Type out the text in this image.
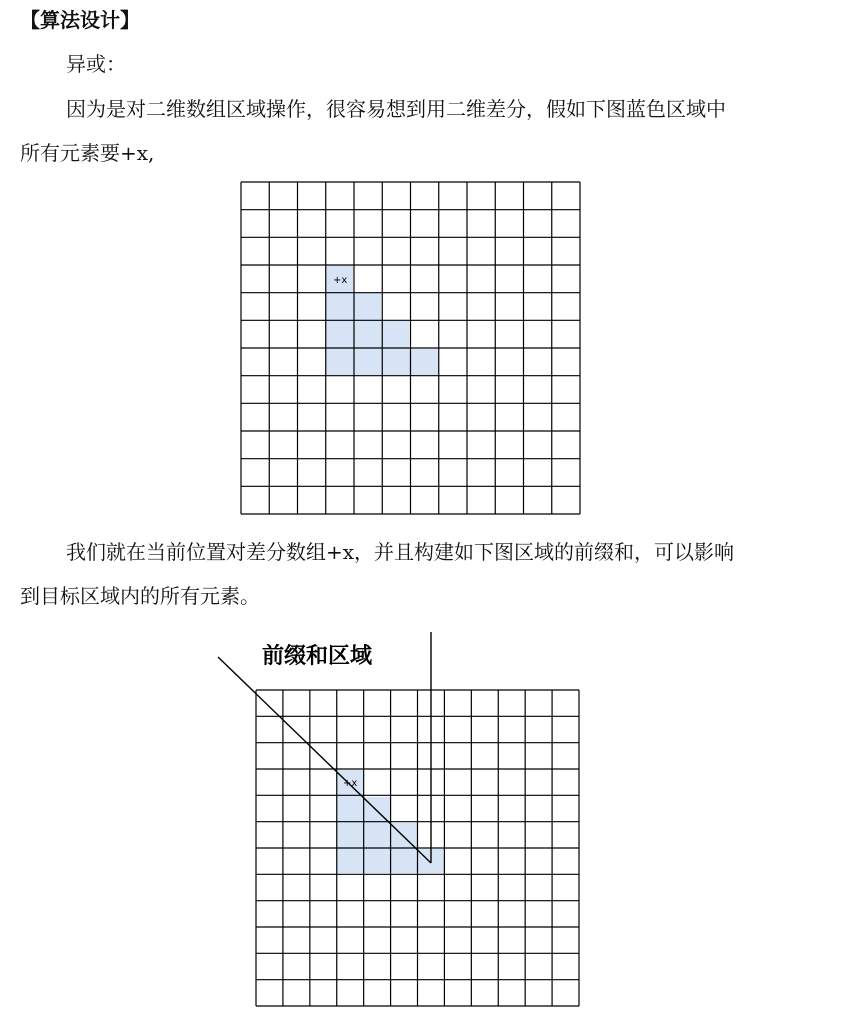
【算法设计】
异或：
因为是对二维数组区域操作，很容易想到用二维差分，假如下图蓝色区域中
所有元素要+x,
+x
+x
前缀和区域
我们就在当前位置对差分数组+x，并且构建如下图区域的前缀和，可以影响
到目标区域内的所有元素。
